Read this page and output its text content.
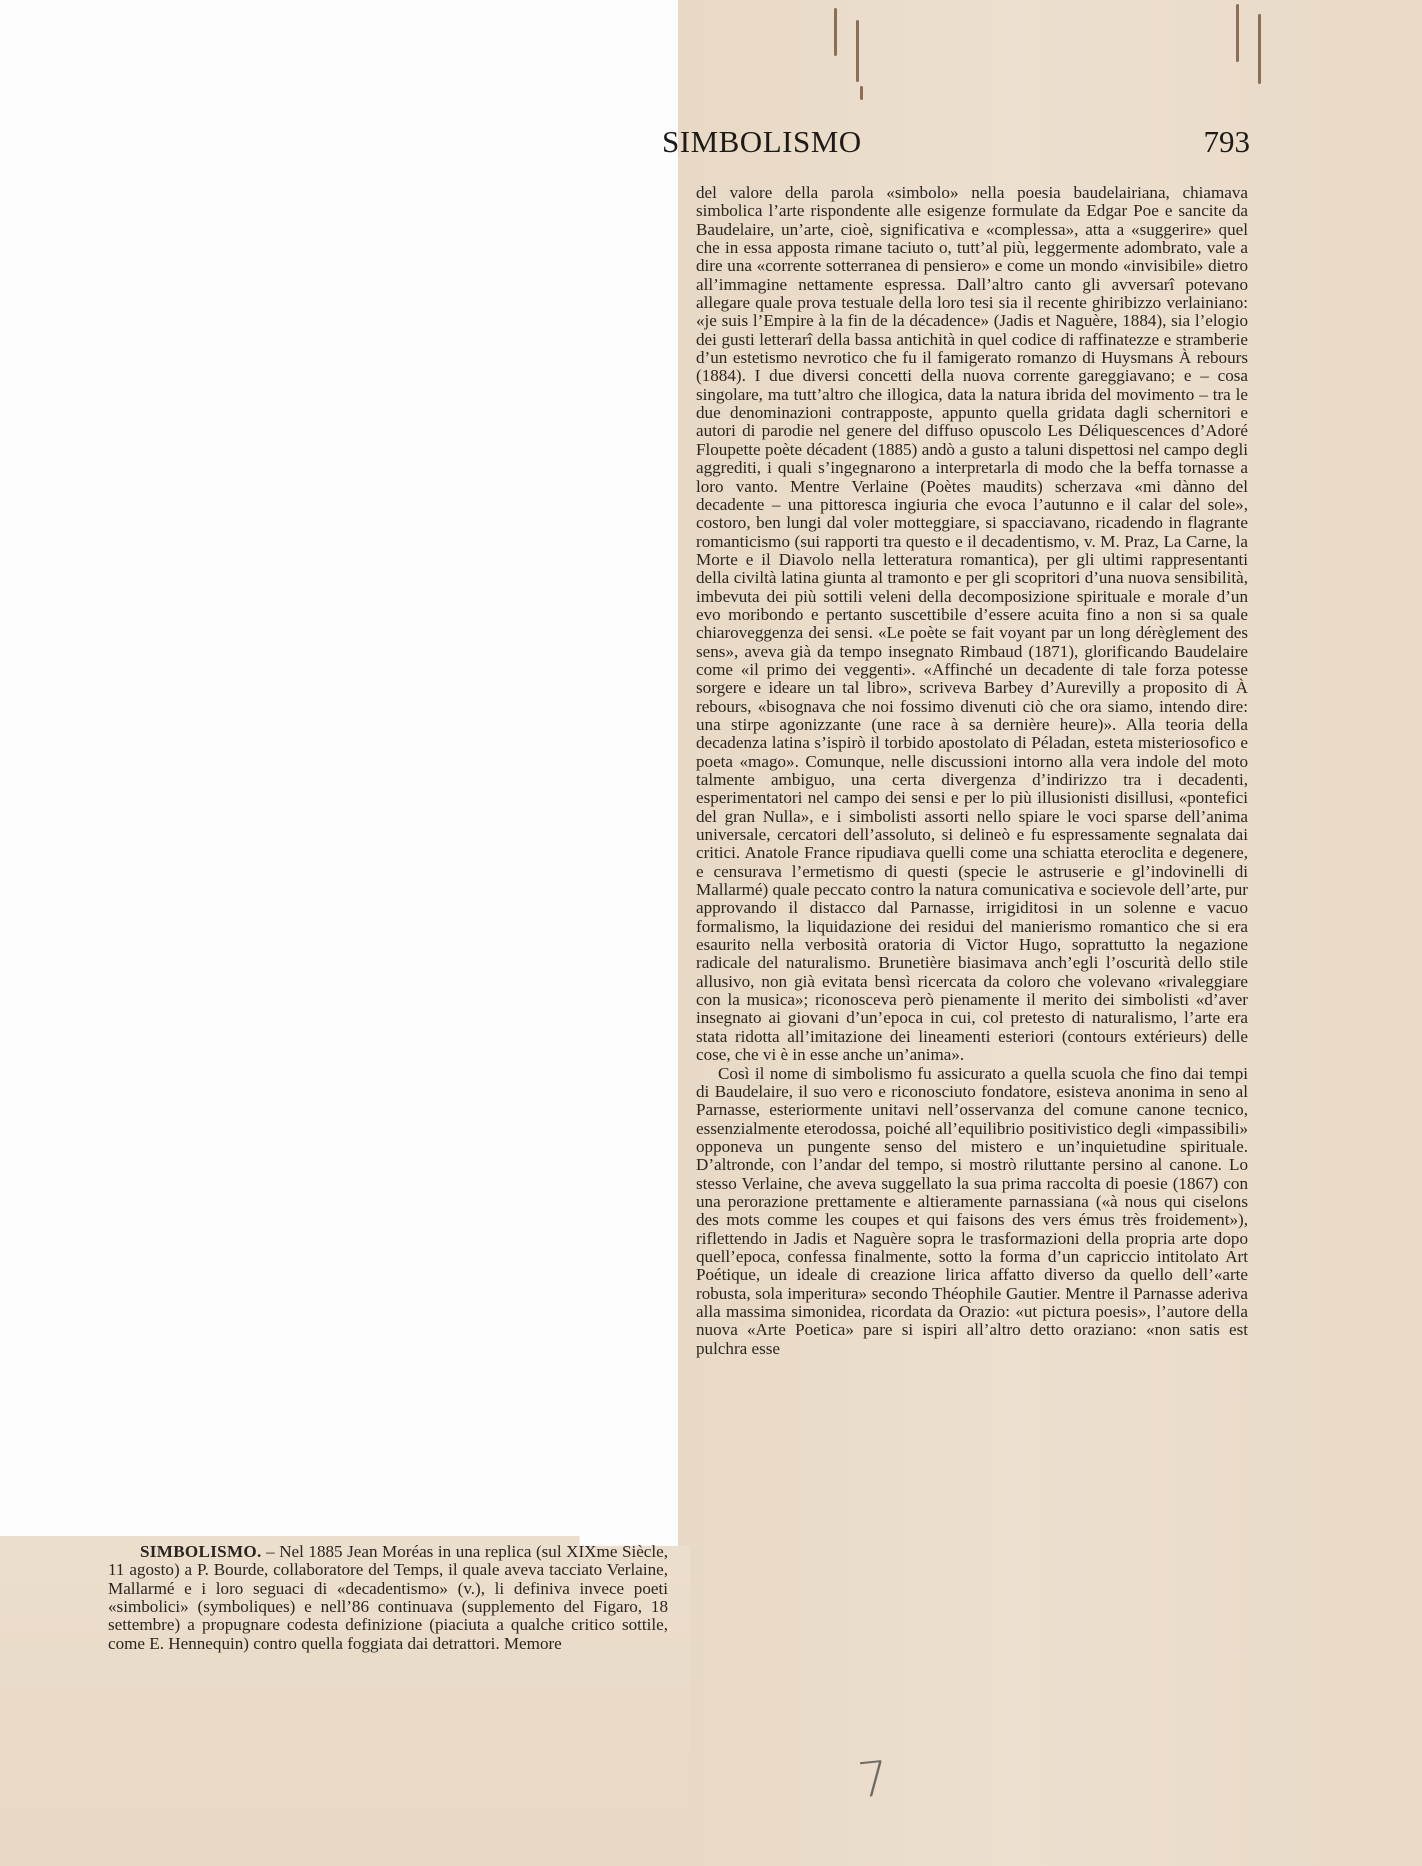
SIMBOLISMO	793

del valore della parola «simbolo» nella poesia baudelairiana, chiamava simbolica l’arte rispondente alle esigenze formulate da Edgar Poe e sancite da Baudelaire, un’arte, cioè, significativa e «complessa», atta a «suggerire» quel che in essa apposta rimane taciuto o, tutt’al più, leggermente adombrato, vale a dire una «corrente sotterranea di pensiero» e come un mondo «invisibile» dietro all’immagine nettamente espressa. Dall’altro canto gli avversarî potevano allegare quale prova testuale della loro tesi sia il recente ghiribizzo verlainiano: «je suis l’Empire à la fin de la décadence» (Jadis et Naguère, 1884), sia l’elogio dei gusti letterarî della bassa antichità in quel codice di raffinatezze e stramberie d’un estetismo nevrotico che fu il famigerato romanzo di Huysmans À rebours (1884). I due diversi concetti della nuova corrente gareggiavano; e – cosa singolare, ma tutt’altro che illogica, data la natura ibrida del movimento – tra le due denominazioni contrapposte, appunto quella gridata dagli schernitori e autori di parodie nel genere del diffuso opuscolo Les Déliquescences d’Adoré Floupette poète décadent (1885) andò a gusto a taluni dispettosi nel campo degli aggrediti, i quali s’ingegnarono a interpretarla di modo che la beffa tornasse a loro vanto. Mentre Verlaine (Poètes maudits) scherzava «mi dànno del decadente – una pittoresca ingiuria che evoca l’autunno e il calar del sole», costoro, ben lungi dal voler motteggiare, si spacciavano, ricadendo in flagrante romanticismo (sui rapporti tra questo e il decadentismo, v. M. Praz, La Carne, la Morte e il Diavolo nella letteratura romantica), per gli ultimi rappresentanti della civiltà latina giunta al tramonto e per gli scopritori d’una nuova sensibilità, imbevuta dei più sottili veleni della decomposizione spirituale e morale d’un evo moribondo e pertanto suscettibile d’essere acuita fino a non si sa quale chiaroveggenza dei sensi. «Le poète se fait voyant par un long dérèglement des sens», aveva già da tempo insegnato Rimbaud (1871), glorificando Baudelaire come «il primo dei veggenti». «Affinché un decadente di tale forza potesse sorgere e ideare un tal libro», scriveva Barbey d’Aurevilly a proposito di À rebours, «bisognava che noi fossimo divenuti ciò che ora siamo, intendo dire: una stirpe agonizzante (une race à sa dernière heure)». Alla teoria della decadenza latina s’ispirò il torbido apostolato di Péladan, esteta misteriosofico e poeta «mago». Comunque, nelle discussioni intorno alla vera indole del moto talmente ambiguo, una certa divergenza d’indirizzo tra i decadenti, esperimentatori nel campo dei sensi e per lo più illusionisti disillusi, «pontefici del gran Nulla», e i simbolisti assorti nello spiare le voci sparse dell’anima universale, cercatori dell’assoluto, si delineò e fu espressamente segnalata dai critici. Anatole France ripudiava quelli come una schiatta eteroclita e degenere, e censurava l’ermetismo di questi (specie le astruserie e gl’indovinelli di Mallarmé) quale peccato contro la natura comunicativa e socievole dell’arte, pur approvando il distacco dal Parnasse, irrigiditosi in un solenne e vacuo formalismo, la liquidazione dei residui del manierismo romantico che si era esaurito nella verbosità oratoria di Victor Hugo, soprattutto la negazione radicale del naturalismo. Brunetière biasimava anch’egli l’oscurità dello stile allusivo, non già evitata bensì ricercata da coloro che volevano «rivaleggiare con la musica»; riconosceva però pienamente il merito dei simbolisti «d’aver insegnato ai giovani d’un’epoca in cui, col pretesto di naturalismo, l’arte era stata ridotta all’imitazione dei lineamenti esteriori (contours extérieurs) delle cose, che vi è in esse anche un’anima».

Così il nome di simbolismo fu assicurato a quella scuola che fino dai tempi di Baudelaire, il suo vero e riconosciuto fondatore, esisteva anonima in seno al Parnasse, esteriormente unitavi nell’osservanza del comune canone tecnico, essenzialmente eterodossa, poiché all’equilibrio positivistico degli «impassibili» opponeva un pungente senso del mistero e un’inquietudine spirituale. D’altronde, con l’andar del tempo, si mostrò riluttante persino al canone. Lo stesso Verlaine, che aveva suggellato la sua prima raccolta di poesie (1867) con una perorazione prettamente e altieramente parnassiana («à nous qui ciselons des mots comme les coupes et qui faisons des vers émus très froidement»), riflettendo in Jadis et Naguère sopra le trasformazioni della propria arte dopo quell’epoca, confessa finalmente, sotto la forma d’un capriccio intitolato Art Poétique, un ideale di creazione lirica affatto diverso da quello dell’«arte robusta, sola imperitura» secondo Théophile Gautier. Mentre il Parnasse aderiva alla massima simonidea, ricordata da Orazio: «ut pictura poesis», l’autore della nuova «Arte Poetica» pare si ispiri all’altro detto oraziano: «non satis est pulchra esse

SIMBOLISMO. – Nel 1885 Jean Moréas in una replica (sul XIXme Siècle, 11 agosto) a P. Bourde, collaboratore del Temps, il quale aveva tacciato Verlaine, Mallarmé e i loro seguaci di «decadentismo» (v.), li definiva invece poeti «simbolici» (symboliques) e nell’86 continuava (supplemento del Figaro, 18 settembre) a propugnare codesta definizione (piaciuta a qualche critico sottile, come E. Hennequin) contro quella foggiata dai detrattori. Memore
7
